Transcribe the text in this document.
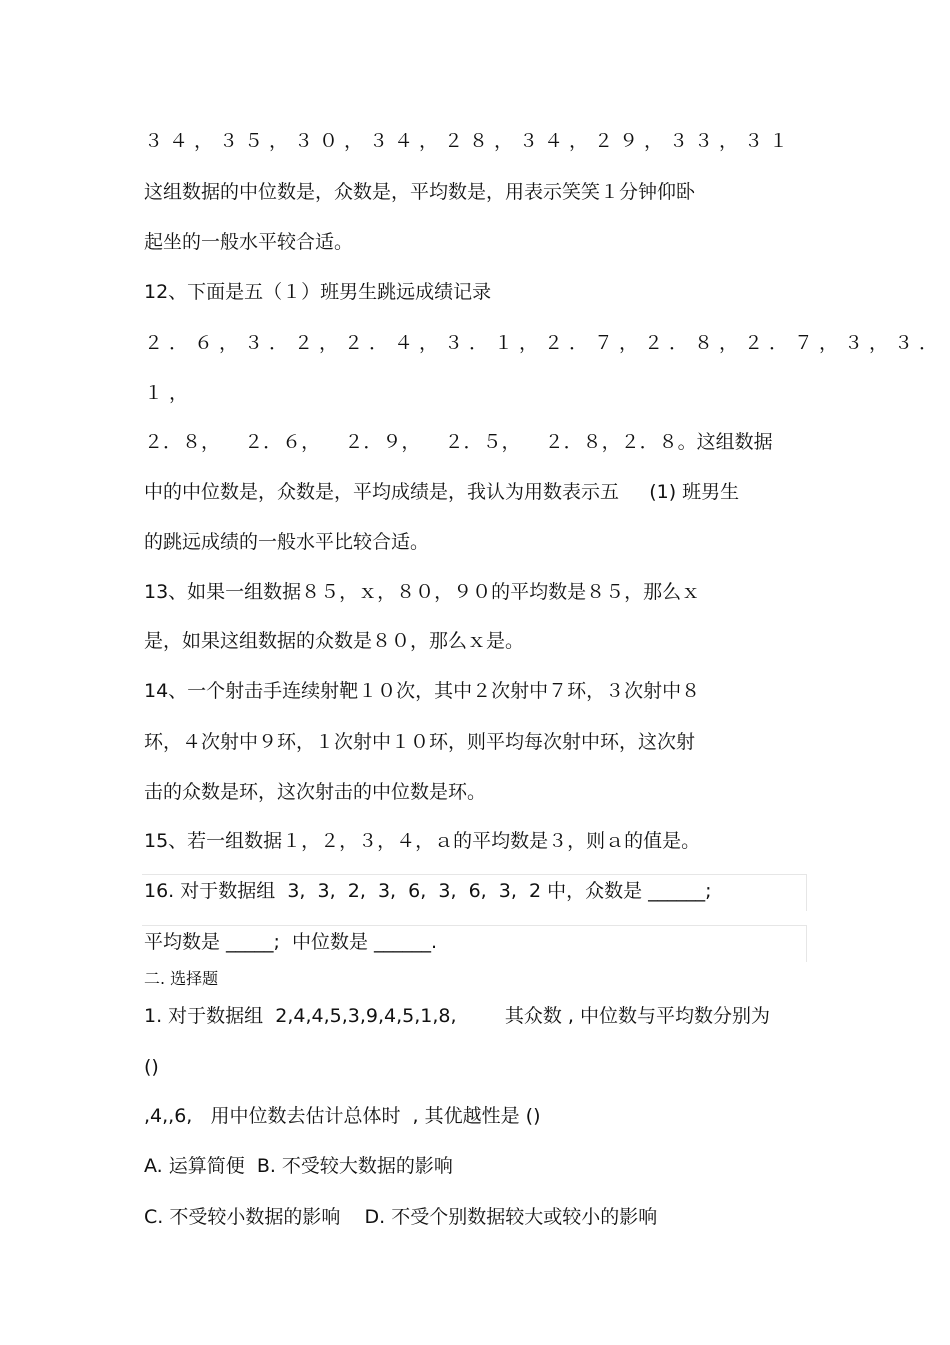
３４，３５，３０，３４，２８，３４，２９，３３，３１
这组数据的中位数是，众数是，平均数是，用表示笑笑１分钟仰卧
起坐的一般水平较合适。
12、下面是五（１）班男生跳远成绩记录
２．６，３．２，２．４，３．１，２．７，２．８，２．７，３，３．
１，
２．８，    ２．６，    ２．９，    ２．５，    ２．８，２．８。这组数据
中的中位数是，众数是，平均成绩是，我认为用数表示五     (1) 班男生
的跳远成绩的一般水平比较合适。
13、如果一组数据８５，ｘ，８０，９０的平均数是８５，那么ｘ
是，如果这组数据的众数是８０，那么ｘ是。
14、一个射击手连续射靶１０次，其中２次射中７环，３次射中８
环，４次射中９环，１次射中１０环，则平均每次射中环，这次射
击的众数是环，这次射击的中位数是环。
15、若一组数据１，２，３，４，ａ的平均数是３，则ａ的值是。
16. 对于数据组  3,  3,  2,  3,  6,  3,  6,  3,  2 中，众数是 ______;
平均数是 _____;  中位数是 ______.
二. 选择题
1. 对于数据组  2,4,4,5,3,9,4,5,1,8,        其众数 , 中位数与平均数分别为
()
,4,,6,   用中位数去估计总体时  , 其优越性是 ()
A. 运算简便  B. 不受较大数据的影响
C. 不受较小数据的影响    D. 不受个别数据较大或较小的影响
